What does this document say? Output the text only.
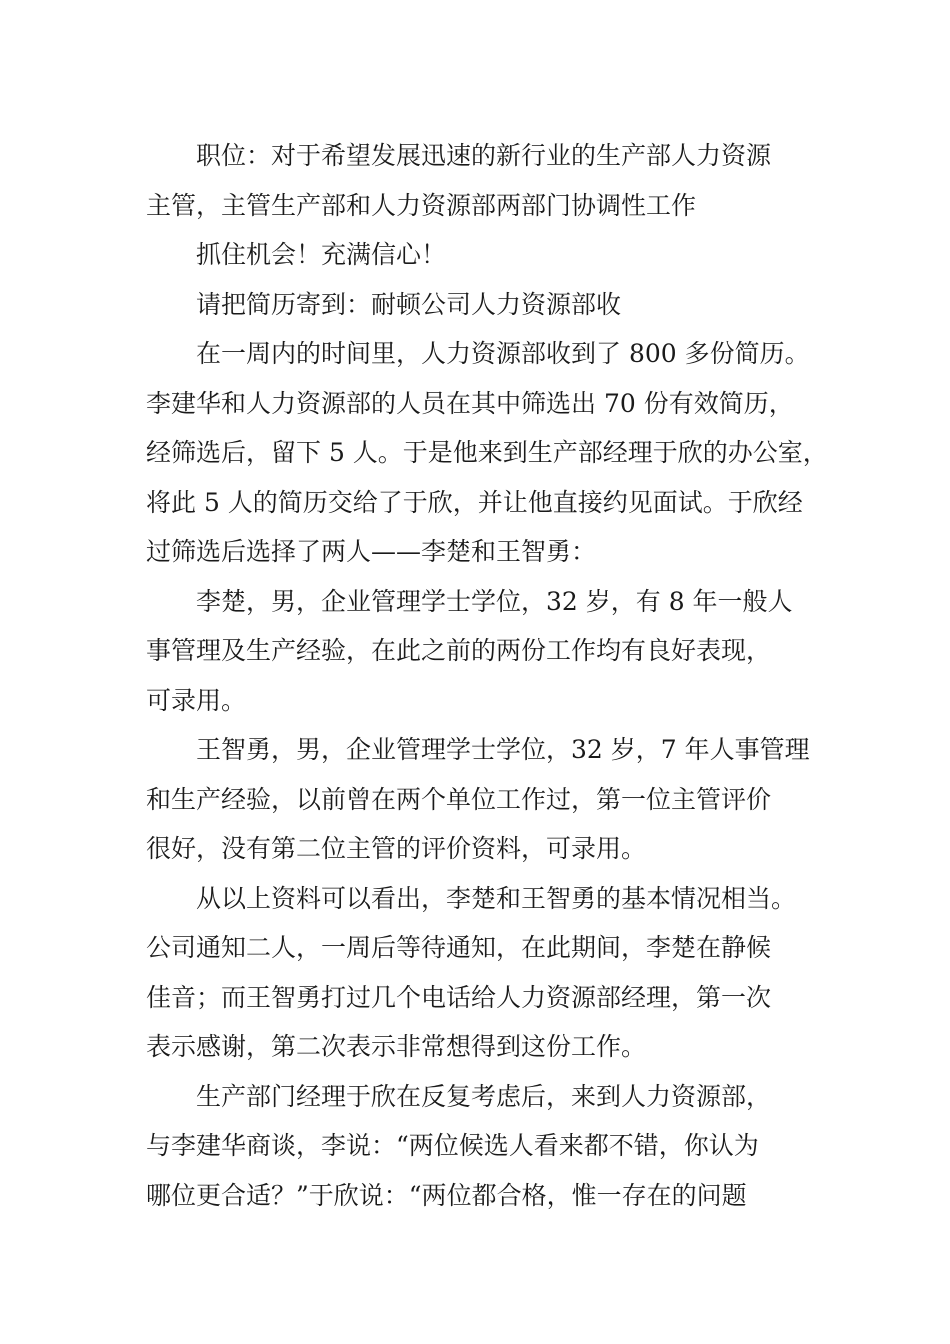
职位：对于希望发展迅速的新行业的生产部人力资源
主管，主管生产部和人力资源部两部门协调性工作
抓住机会！充满信心！
请把简历寄到：耐顿公司人力资源部收
在一周内的时间里，人力资源部收到了 800 多份简历。
李建华和人力资源部的人员在其中筛选出 70 份有效简历，
经筛选后，留下 5 人。于是他来到生产部经理于欣的办公室，
将此 5 人的简历交给了于欣，并让他直接约见面试。于欣经
过筛选后选择了两人——李楚和王智勇：
李楚，男，企业管理学士学位，32 岁，有 8 年一般人
事管理及生产经验，在此之前的两份工作均有良好表现，
可录用。
王智勇，男，企业管理学士学位，32 岁，7 年人事管理
和生产经验，以前曾在两个单位工作过，第一位主管评价
很好，没有第二位主管的评价资料，可录用。
从以上资料可以看出，李楚和王智勇的基本情况相当。
公司通知二人，一周后等待通知，在此期间，李楚在静候
佳音；而王智勇打过几个电话给人力资源部经理，第一次
表示感谢，第二次表示非常想得到这份工作。
生产部门经理于欣在反复考虑后，来到人力资源部，
与李建华商谈，李说：“两位候选人看来都不错，你认为
哪位更合适？”于欣说：“两位都合格，惟一存在的问题
